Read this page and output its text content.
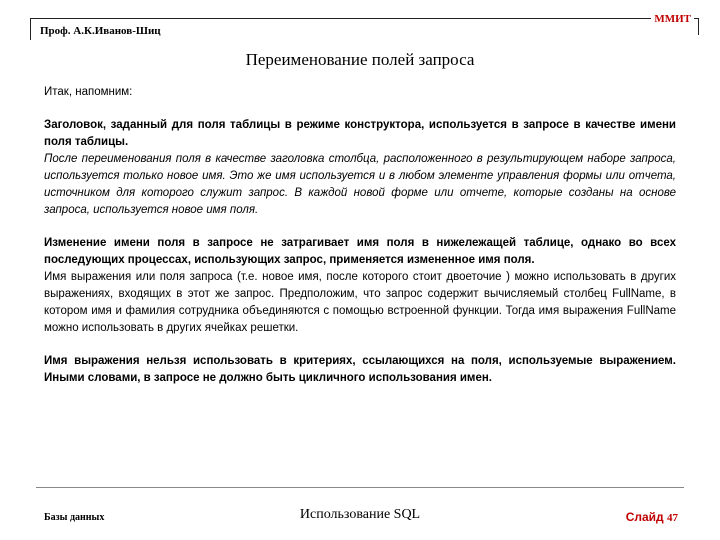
Проф. А.К.Иванов-Шиц
ММИТ
Переименование полей запроса

Итак, напомним:

Заголовок, заданный для поля таблицы в режиме конструктора, используется в запросе в качестве имени поля таблицы.

После переименования поля в качестве заголовка столбца, расположенного в результирующем наборе запроса, используется только новое имя. Это же имя используется и в любом элементе управления формы или отчета, источником для которого служит запрос. В каждой новой форме или отчете, которые созданы на основе запроса, используется новое имя поля.

Изменение имени поля в запросе не затрагивает имя поля в нижележащей таблице, однако во всех последующих процессах, использующих запрос, применяется измененное имя поля.

Имя выражения или поля запроса (т.е. новое имя, после которого стоит двоеточие ) можно использовать в других выражениях, входящих в этот же запрос. Предположим, что запрос содержит вычисляемый столбец FullName, в котором имя и фамилия сотрудника объединяются с помощью встроенной функции. Тогда имя выражения FullName можно использовать в других ячейках решетки.

Имя выражения нельзя использовать в критериях, ссылающихся на поля, используемые выражением. Иными словами, в запросе не должно быть цикличного использования имен.

Базы данных	Использование SQL	Слайд 47
